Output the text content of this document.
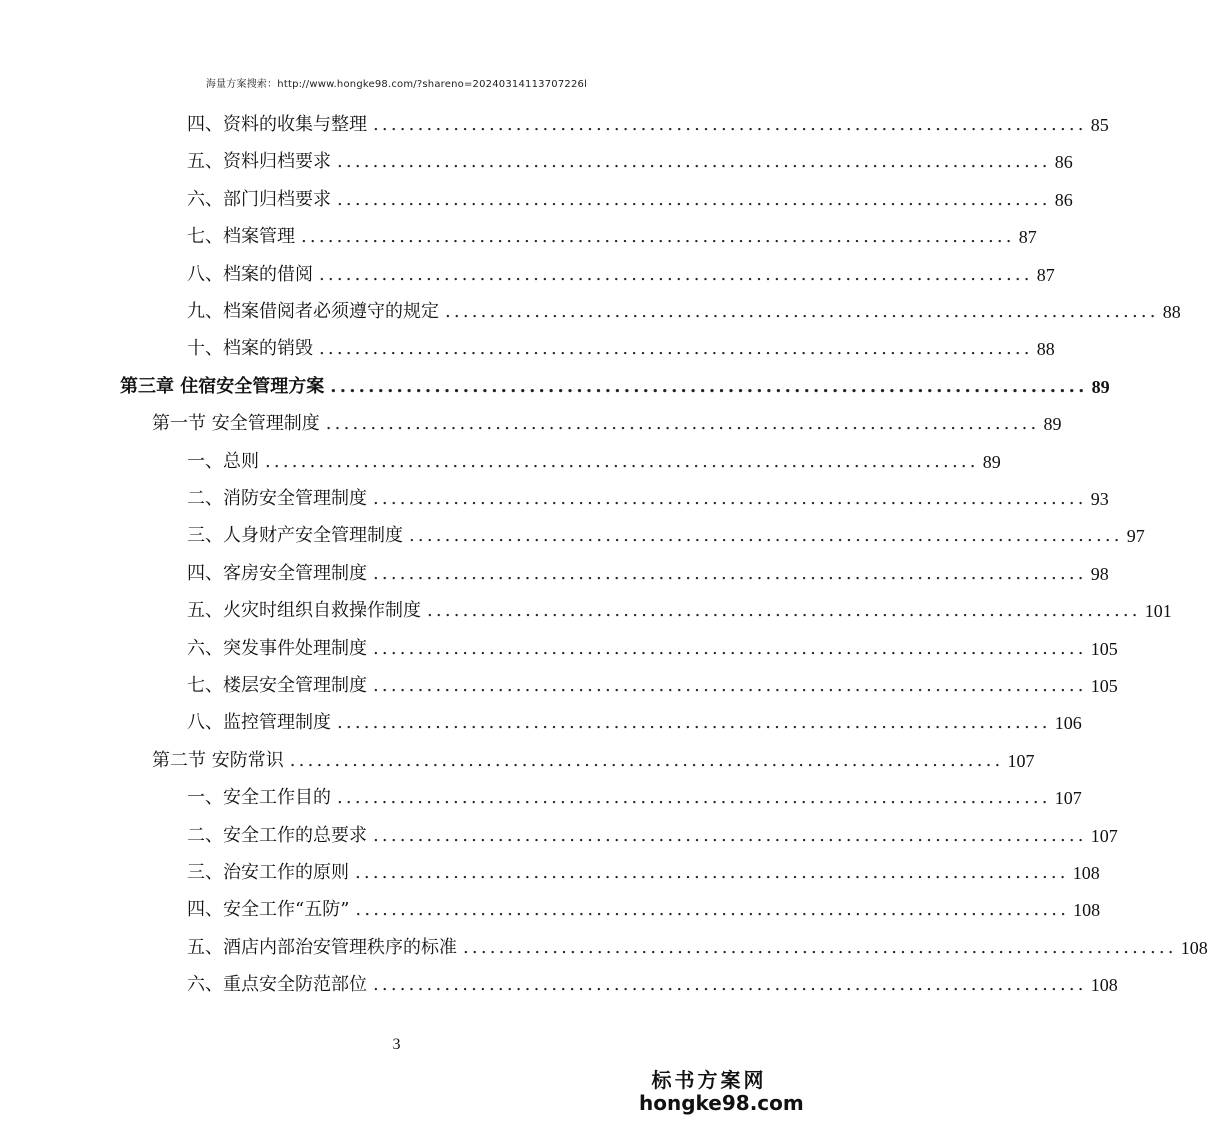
海量方案搜索：http://www.hongke98.com/?shareno=20240314113707226l
四、资料的收集与整理 ................................................................................ 85
五、资料归档要求 ................................................................................ 86
六、部门归档要求 ................................................................................ 86
七、档案管理 ................................................................................ 87
八、档案的借阅 ................................................................................ 87
九、档案借阅者必须遵守的规定 ................................................................................ 88
十、档案的销毁 ................................................................................ 88
第三章 住宿安全管理方案 ................................................................................ 89
第一节 安全管理制度 ................................................................................ 89
一、总则 ................................................................................ 89
二、消防安全管理制度 ................................................................................ 93
三、人身财产安全管理制度 ................................................................................ 97
四、客房安全管理制度 ................................................................................ 98
五、火灾时组织自救操作制度 ................................................................................ 101
六、突发事件处理制度 ................................................................................ 105
七、楼层安全管理制度 ................................................................................ 105
八、监控管理制度 ................................................................................ 106
第二节 安防常识 ................................................................................ 107
一、安全工作目的 ................................................................................ 107
二、安全工作的总要求 ................................................................................ 107
三、治安工作的原则 ................................................................................ 108
四、安全工作“五防” ................................................................................ 108
五、酒店内部治安管理秩序的标准 ................................................................................ 108
六、重点安全防范部位 ................................................................................ 108
3
标书方案网
hongke98.com
